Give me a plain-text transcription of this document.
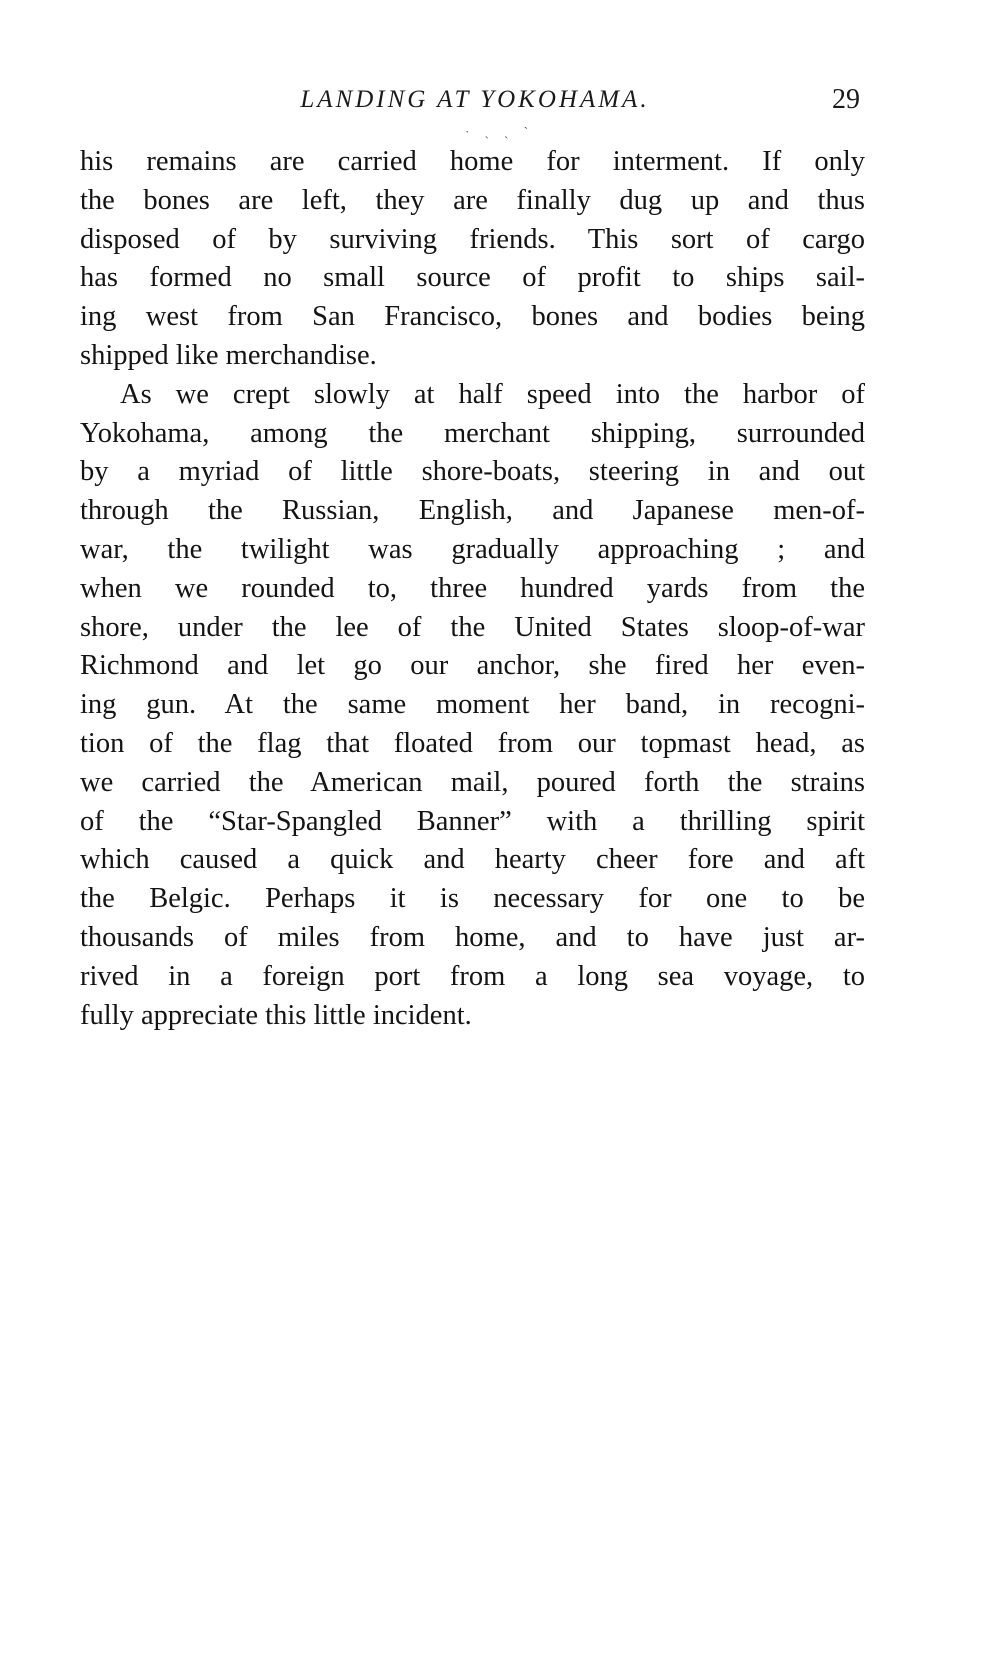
LANDING AT YOKOHAMA.	29
· ˎ ˏ ˋ
his remains are carried home for interment. If only
the bones are left, they are finally dug up and thus
disposed of by surviving friends. This sort of cargo
has formed no small source of profit to ships sail-
ing west from San Francisco, bones and bodies being
shipped like merchandise.
As we crept slowly at half speed into the harbor of
Yokohama, among the merchant shipping, surrounded
by a myriad of little shore-boats, steering in and out
through the Russian, English, and Japanese men-of-
war, the twilight was gradually approaching ; and
when we rounded to, three hundred yards from the
shore, under the lee of the United States sloop-of-war
Richmond and let go our anchor, she fired her even-
ing gun. At the same moment her band, in recogni-
tion of the flag that floated from our topmast head, as
we carried the American mail, poured forth the strains
of the “Star-Spangled Banner” with a thrilling spirit
which caused a quick and hearty cheer fore and aft
the Belgic. Perhaps it is necessary for one to be
thousands of miles from home, and to have just ar-
rived in a foreign port from a long sea voyage, to
fully appreciate this little incident.
